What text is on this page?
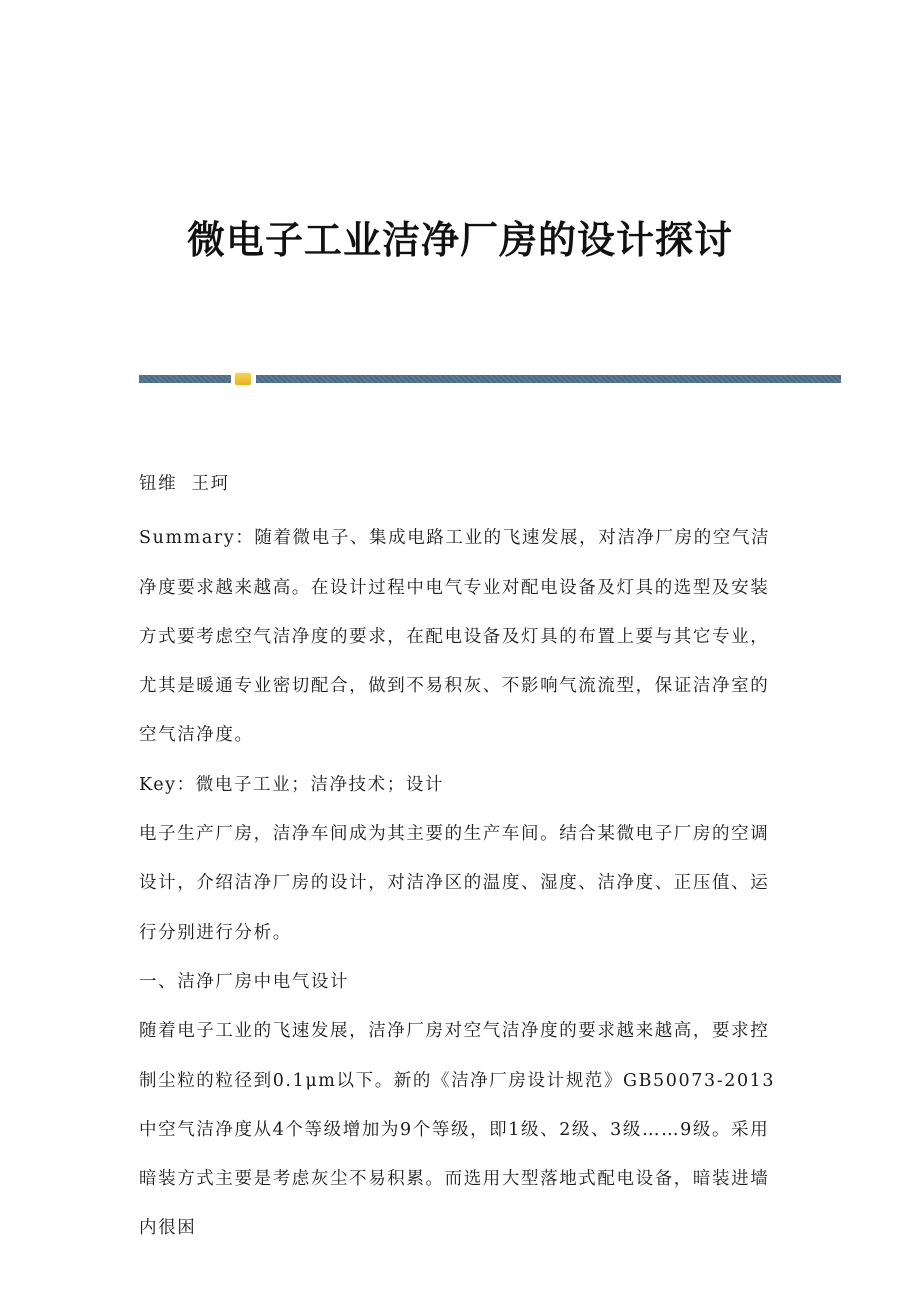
微电子工业洁净厂房的设计探讨

钮维  王珂

Summary：随着微电子、集成电路工业的飞速发展，对洁净厂房的空气洁净度要求越来越高。在设计过程中电气专业对配电设备及灯具的选型及安装方式要考虑空气洁净度的要求，在配电设备及灯具的布置上要与其它专业，尤其是暖通专业密切配合，做到不易积灰、不影响气流流型，保证洁净室的空气洁净度。

Key：微电子工业；洁净技术；设计

电子生产厂房，洁净车间成为其主要的生产车间。结合某微电子厂房的空调设计，介绍洁净厂房的设计，对洁净区的温度、湿度、洁净度、正压值、运行分别进行分析。

一、洁净厂房中电气设计

随着电子工业的飞速发展，洁净厂房对空气洁净度的要求越来越高，要求控制尘粒的粒径到0.1μm以下。新的《洁净厂房设计规范》GB50073-2013中空气洁净度从4个等级增加为9个等级，即1级、2级、3级……9级。采用暗装方式主要是考虑灰尘不易积累。而选用大型落地式配电设备，暗装进墙内很困
